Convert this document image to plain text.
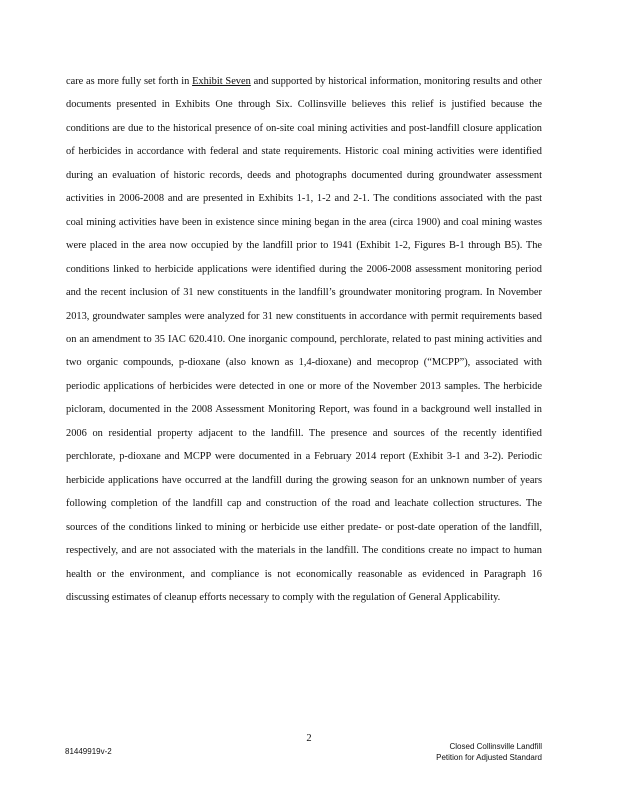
care as more fully set forth in Exhibit Seven and supported by historical information, monitoring results and other documents presented in Exhibits One through Six. Collinsville believes this relief is justified because the conditions are due to the historical presence of on-site coal mining activities and post-landfill closure application of herbicides in accordance with federal and state requirements. Historic coal mining activities were identified during an evaluation of historic records, deeds and photographs documented during groundwater assessment activities in 2006-2008 and are presented in Exhibits 1-1, 1-2 and 2-1. The conditions associated with the past coal mining activities have been in existence since mining began in the area (circa 1900) and coal mining wastes were placed in the area now occupied by the landfill prior to 1941 (Exhibit 1-2, Figures B-1 through B5). The conditions linked to herbicide applications were identified during the 2006-2008 assessment monitoring period and the recent inclusion of 31 new constituents in the landfill’s groundwater monitoring program. In November 2013, groundwater samples were analyzed for 31 new constituents in accordance with permit requirements based on an amendment to 35 IAC 620.410. One inorganic compound, perchlorate, related to past mining activities and two organic compounds, p-dioxane (also known as 1,4-dioxane) and mecoprop (“MCPP”), associated with periodic applications of herbicides were detected in one or more of the November 2013 samples. The herbicide picloram, documented in the 2008 Assessment Monitoring Report, was found in a background well installed in 2006 on residential property adjacent to the landfill. The presence and sources of the recently identified perchlorate, p-dioxane and MCPP were documented in a February 2014 report (Exhibit 3-1 and 3-2). Periodic herbicide applications have occurred at the landfill during the growing season for an unknown number of years following completion of the landfill cap and construction of the road and leachate collection structures. The sources of the conditions linked to mining or herbicide use either predate- or post-date operation of the landfill, respectively, and are not associated with the materials in the landfill. The conditions create no impact to human health or the environment, and compliance is not economically reasonable as evidenced in Paragraph 16 discussing estimates of cleanup efforts necessary to comply with the regulation of General Applicability.

2
81449919v-2
Closed Collinsville Landfill
Petition for Adjusted Standard
